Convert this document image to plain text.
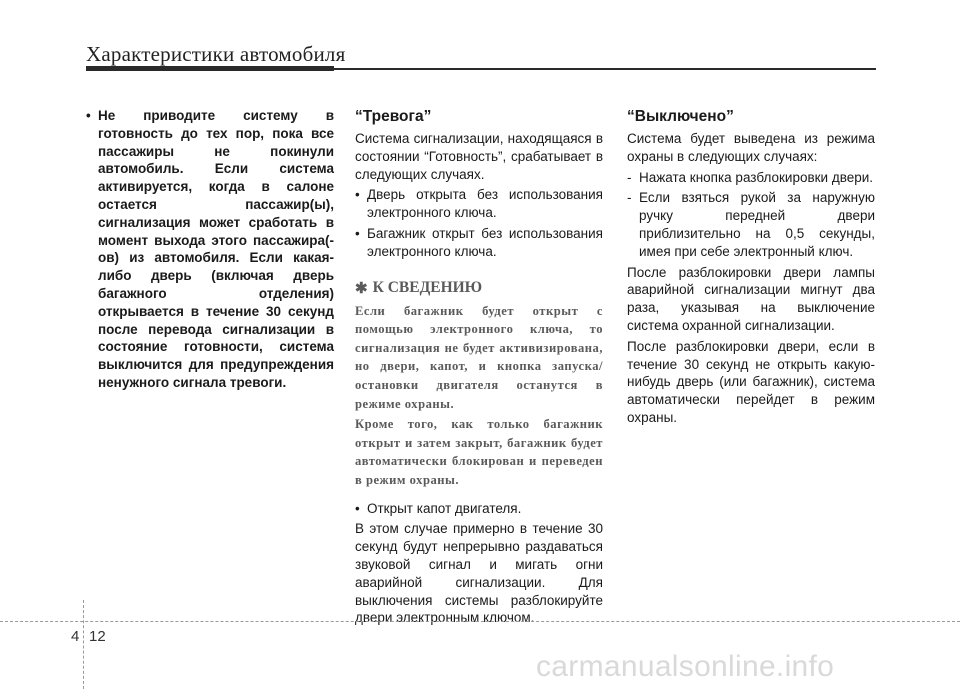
Характеристики автомобиля
• Не приводите систему в готовность до тех пор, пока все пассажиры не покинули автомобиль. Если система активируется, когда в салоне остается пассажир(ы), сигнализация может сработать в момент выхода этого пассажира(-ов) из автомобиля. Если какая-либо дверь (включая дверь багажного отделения) открывается в течение 30 секунд после перевода сигнализации в состояние готовности, система выключится для предупреждения ненужного сигнала тревоги.
“Тревога”

Система сигнализации, находящаяся в состоянии “Готовность”, срабатывает в следующих случаях.

• Дверь открыта без использования электронного ключа.
• Багажник открыт без использования электронного ключа.
✱ К СВЕДЕНИЮ

Если багажник будет открыт с помощью электронного ключа, то сигнализация не будет активизирована, но двери, капот, и кнопка запуска/остановки двигателя останутся в режиме охраны.

Кроме того, как только багажник открыт и затем закрыт, багажник будет автоматически блокирован и переведен в режим охраны.

• Открыт капот двигателя.

В этом случае примерно в течение 30 секунд будут непрерывно раздаваться звуковой сигнал и мигать огни аварийной сигнализации. Для выключения системы разблокируйте двери электронным ключом.

“Выключено”

Система будет выведена из режима охраны в следующих случаях:

- Нажата кнопка разблокировки двери.
- Если взяться рукой за наружную ручку передней двери приблизительно на 0,5 секунды, имея при себе электронный ключ.

После разблокировки двери лампы аварийной сигнализации мигнут два раза, указывая на выключение система охранной сигнализации.

После разблокировки двери, если в течение 30 секунд не открыть какую-нибудь дверь (или багажник), система автоматически перейдет в режим охраны.

4 12
carmanualsonline.info
